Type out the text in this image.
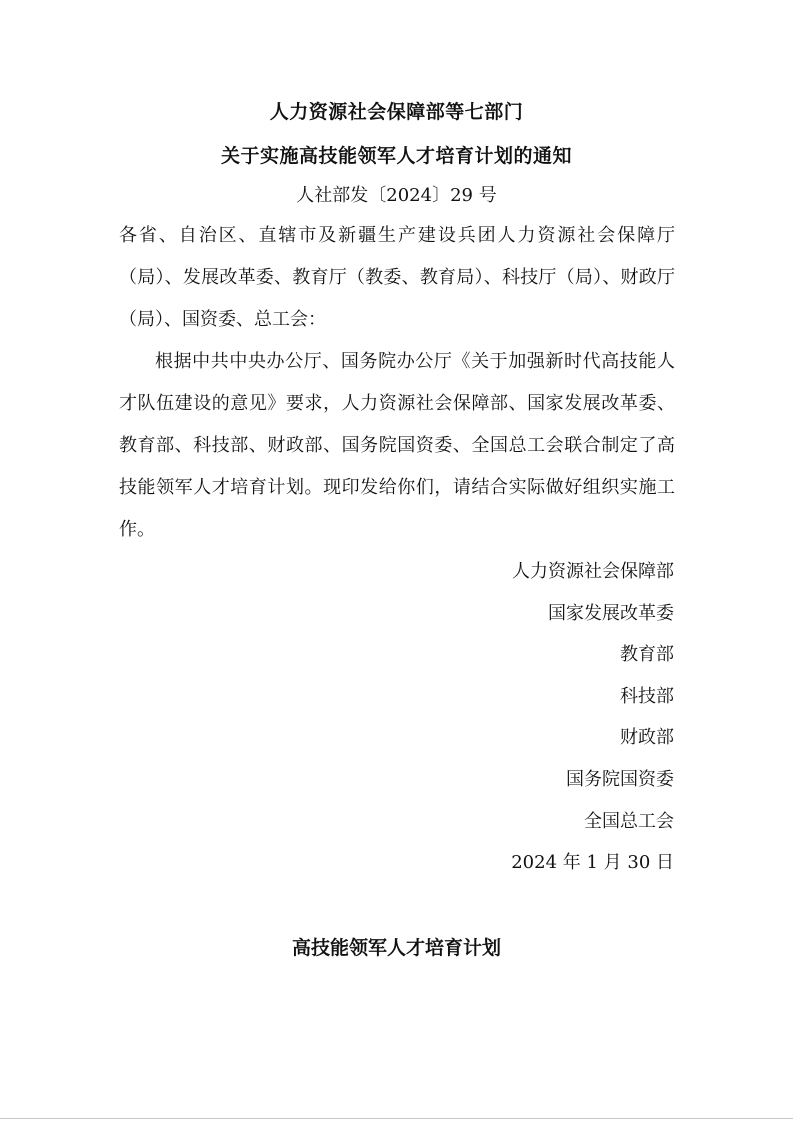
人力资源社会保障部等七部门
关于实施高技能领军人才培育计划的通知
人社部发〔2024〕29 号
各省、自治区、直辖市及新疆生产建设兵团人力资源社会保障厅（局）、发展改革委、教育厅（教委、教育局）、科技厅（局）、财政厅（局）、国资委、总工会：
根据中共中央办公厅、国务院办公厅《关于加强新时代高技能人才队伍建设的意见》要求，人力资源社会保障部、国家发展改革委、教育部、科技部、财政部、国务院国资委、全国总工会联合制定了高技能领军人才培育计划。现印发给你们，请结合实际做好组织实施工作。
人力资源社会保障部
国家发展改革委
教育部
科技部
财政部
国务院国资委
全国总工会
2024 年 1 月 30 日
高技能领军人才培育计划
